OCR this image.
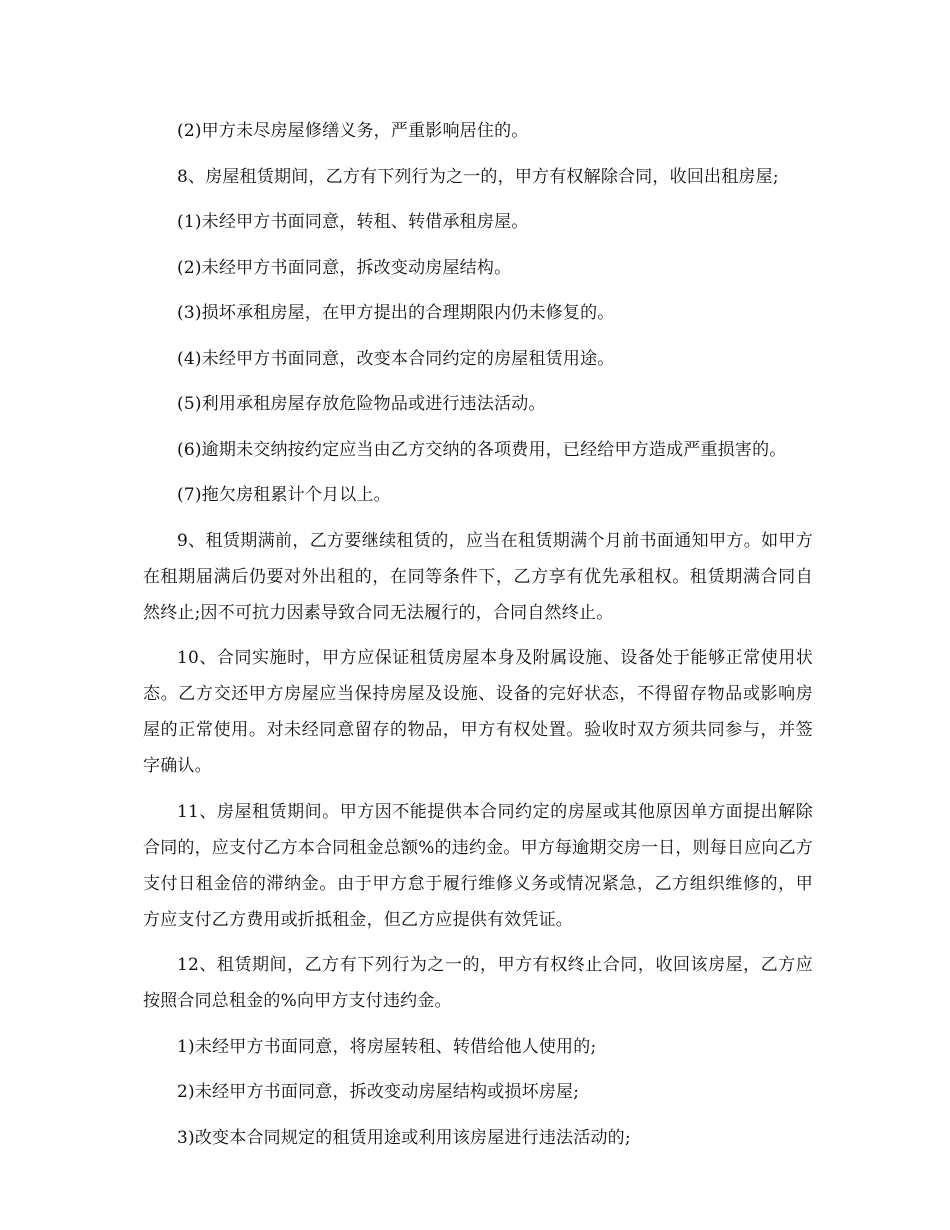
(2)甲方未尽房屋修缮义务，严重影响居住的。

8、房屋租赁期间，乙方有下列行为之一的，甲方有权解除合同，收回出租房屋;

(1)未经甲方书面同意，转租、转借承租房屋。

(2)未经甲方书面同意，拆改变动房屋结构。

(3)损坏承租房屋，在甲方提出的合理期限内仍未修复的。

(4)未经甲方书面同意，改变本合同约定的房屋租赁用途。

(5)利用承租房屋存放危险物品或进行违法活动。

(6)逾期未交纳按约定应当由乙方交纳的各项费用，已经给甲方造成严重损害的。

(7)拖欠房租累计个月以上。

9、租赁期满前，乙方要继续租赁的，应当在租赁期满个月前书面通知甲方。如甲方在租期届满后仍要对外出租的，在同等条件下，乙方享有优先承租权。租赁期满合同自然终止;因不可抗力因素导致合同无法履行的，合同自然终止。

10、合同实施时，甲方应保证租赁房屋本身及附属设施、设备处于能够正常使用状态。乙方交还甲方房屋应当保持房屋及设施、设备的完好状态，不得留存物品或影响房屋的正常使用。对未经同意留存的物品，甲方有权处置。验收时双方须共同参与，并签字确认。

11、房屋租赁期间。甲方因不能提供本合同约定的房屋或其他原因单方面提出解除合同的，应支付乙方本合同租金总额%的违约金。甲方每逾期交房一日，则每日应向乙方支付日租金倍的滞纳金。由于甲方怠于履行维修义务或情况紧急，乙方组织维修的，甲方应支付乙方费用或折抵租金，但乙方应提供有效凭证。

12、租赁期间，乙方有下列行为之一的，甲方有权终止合同，收回该房屋，乙方应按照合同总租金的%向甲方支付违约金。

1)未经甲方书面同意，将房屋转租、转借给他人使用的;

2)未经甲方书面同意，拆改变动房屋结构或损坏房屋;

3)改变本合同规定的租赁用途或利用该房屋进行违法活动的;
